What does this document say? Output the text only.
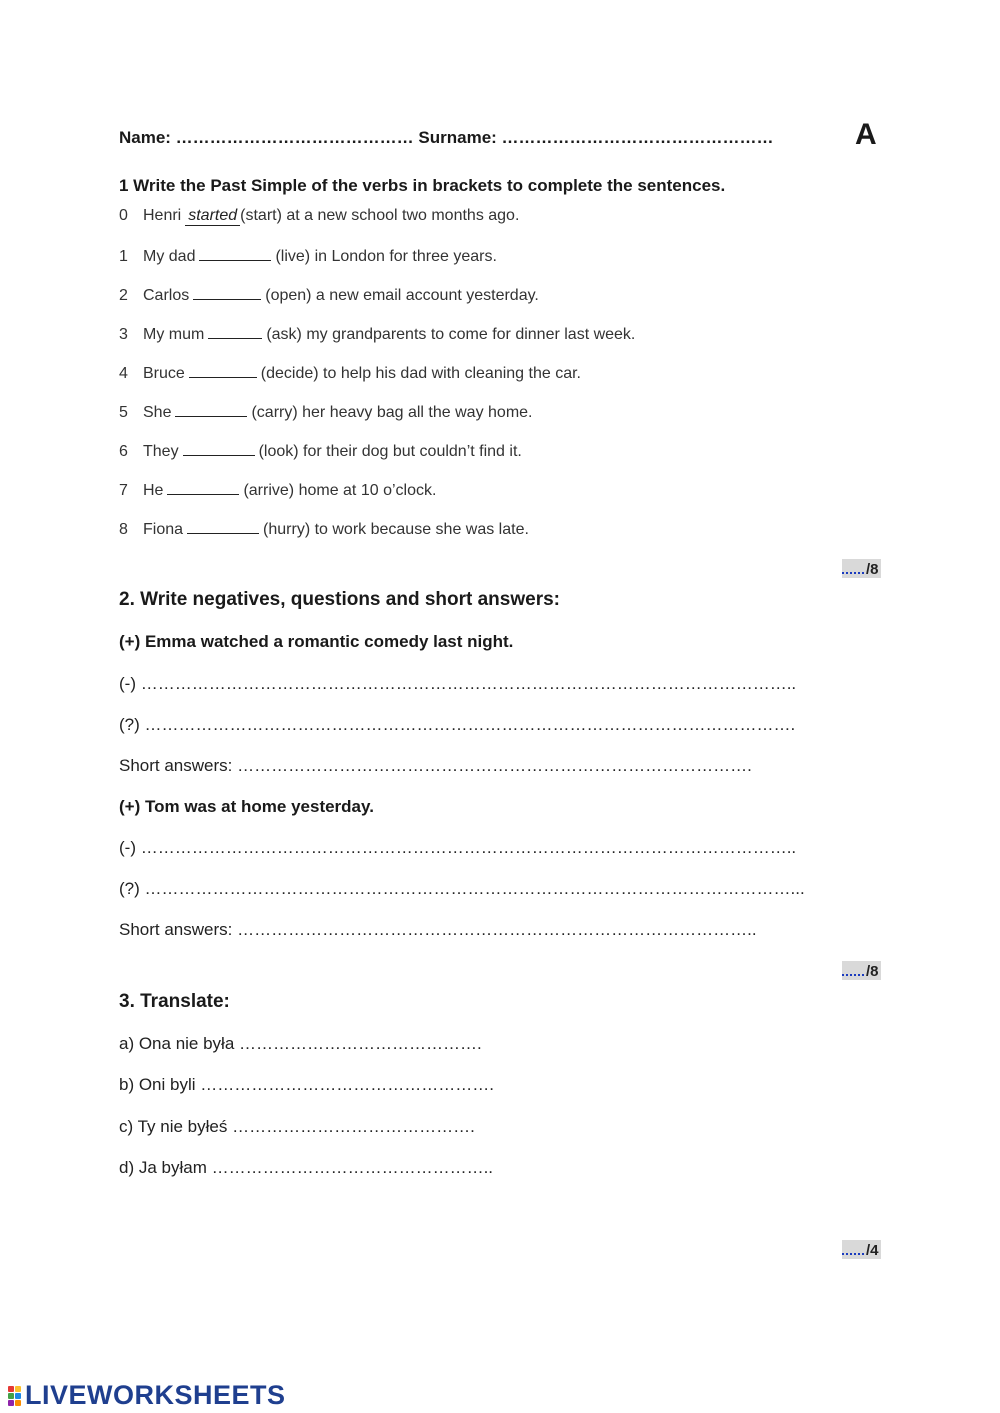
Name: …………………………………… Surname: …………………………………………	A
1 Write the Past Simple of the verbs in brackets to complete the sentences.
0 Henri started (start) at a new school two months ago.
1 My dad	(live) in London for three years.
2 Carlos	(open) a new email account yesterday.
3 My mum	(ask) my grandparents to come for dinner last week.
4 Bruce	(decide) to help his dad with cleaning the car.
5 She	(carry) her heavy bag all the way home.
6 They	(look) for their dog but couldn’t find it.
7 He	(arrive) home at 10 o’clock.
8 Fiona	(hurry) to work because she was late.
/8
2. Write negatives, questions and short answers:
(+) Emma watched a romantic comedy last night.
(-) ……………………………………………………………………………………………………..
(?) …………………………………………………………………………………………………….
Short answers: ……………………………………………………………………………….
(+) Tom was at home yesterday.
(-) ……………………………………………………………………………………………………..
(?) ……………………………………………………………………………………………………...
Short answers: ………………………………………………………………………………..
/8
3. Translate:
a) Ona nie była …………………………………….
b) Oni byli …………………………………………….
c) Ty nie byłeś …………………………………….
d) Ja byłam …………………………………………..
/4
LIVEWORKSHEETS
